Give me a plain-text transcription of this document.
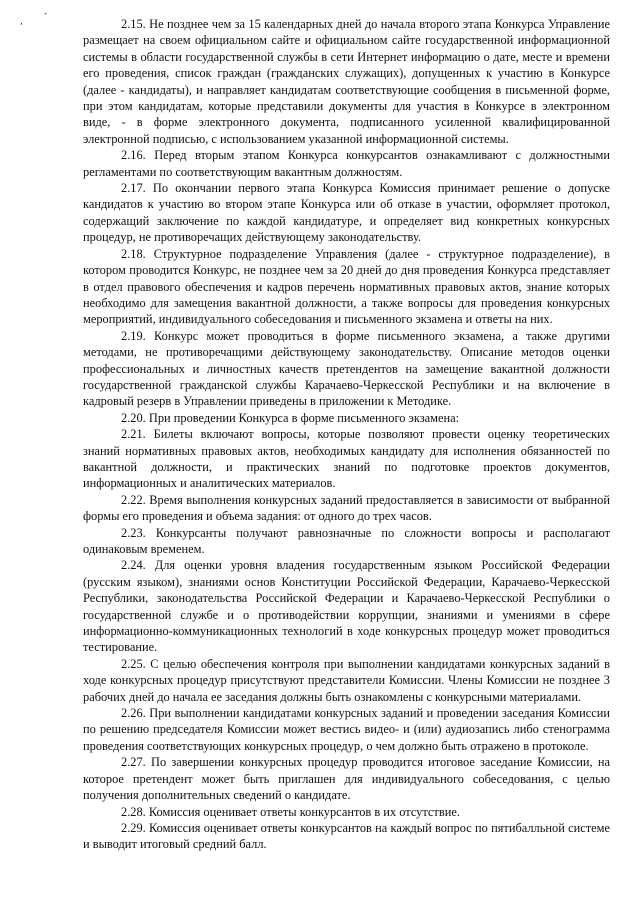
,
-

2.15. Не позднее чем за 15 календарных дней до начала второго этапа Конкурса Управление размещает на своем официальном сайте и официальном сайте государственной информационной системы в области государственной службы в сети Интернет информацию о дате, месте и времени его проведения, список граждан (гражданских служащих), допущенных к участию в Конкурсе (далее - кандидаты), и направляет кандидатам соответствующие сообщения в письменной форме, при этом кандидатам, которые представили документы для участия в Конкурсе в электронном виде, - в форме электронного документа, подписанного усиленной квалифицированной электронной подписью, с использованием указанной информационной системы.

2.16. Перед вторым этапом Конкурса конкурсантов ознакамливают с должностными регламентами по соответствующим вакантным должностям.

2.17. По окончании первого этапа Конкурса Комиссия принимает решение о допуске кандидатов к участию во втором этапе Конкурса или об отказе в участии, оформляет протокол, содержащий заключение по каждой кандидатуре, и определяет вид конкретных конкурсных процедур, не противоречащих действующему законодательству.

2.18. Структурное подразделение Управления (далее - структурное подразделение), в котором проводится Конкурс, не позднее чем за 20 дней до дня проведения Конкурса представляет в отдел правового обеспечения и кадров перечень нормативных правовых актов, знание которых необходимо для замещения вакантной должности, а также вопросы для проведения конкурсных мероприятий, индивидуального собеседования и письменного экзамена и ответы на них.

2.19. Конкурс может проводиться в форме письменного экзамена, а также другими методами, не противоречащими действующему законодательству. Описание методов оценки профессиональных и личностных качеств претендентов на замещение вакантной должности государственной гражданской службы Карачаево-Черкесской Республики и на включение в кадровый резерв в Управлении приведены в приложении к Методике.

2.20. При проведении Конкурса в форме письменного экзамена:

2.21. Билеты включают вопросы, которые позволяют провести оценку теоретических знаний нормативных правовых актов, необходимых кандидату для исполнения обязанностей по вакантной должности, и практических знаний по подготовке проектов документов, информационных и аналитических материалов.

2.22. Время выполнения конкурсных заданий предоставляется в зависимости от выбранной формы его проведения и объема задания: от одного до трех часов.

2.23. Конкурсанты получают равнозначные по сложности вопросы и располагают одинаковым временем.

2.24. Для оценки уровня владения государственным языком Российской Федерации (русским языком), знаниями основ Конституции Российской Федерации, Карачаево-Черкесской Республики, законодательства Российской Федерации и Карачаево-Черкесской Республики о государственной службе и о противодействии коррупции, знаниями и умениями в сфере информационно-коммуникационных технологий в ходе конкурсных процедур может проводиться тестирование.

2.25. С целью обеспечения контроля при выполнении кандидатами конкурсных заданий в ходе конкурсных процедур присутствуют представители Комиссии. Члены Комиссии не позднее 3 рабочих дней до начала ее заседания должны быть ознакомлены с конкурсными материалами.

2.26. При выполнении кандидатами конкурсных заданий и проведении заседания Комиссии по решению председателя Комиссии может вестись видео- и (или) аудиозапись либо стенограмма проведения соответствующих конкурсных процедур, о чем должно быть отражено в протоколе.

2.27. По завершении конкурсных процедур проводится итоговое заседание Комиссии, на которое претендент может быть приглашен для индивидуального собеседования, с целью получения дополнительных сведений о кандидате.

2.28. Комиссия оценивает ответы конкурсантов в их отсутствие.

2.29. Комиссия оценивает ответы конкурсантов на каждый вопрос по пятибалльной системе и выводит итоговый средний балл.
